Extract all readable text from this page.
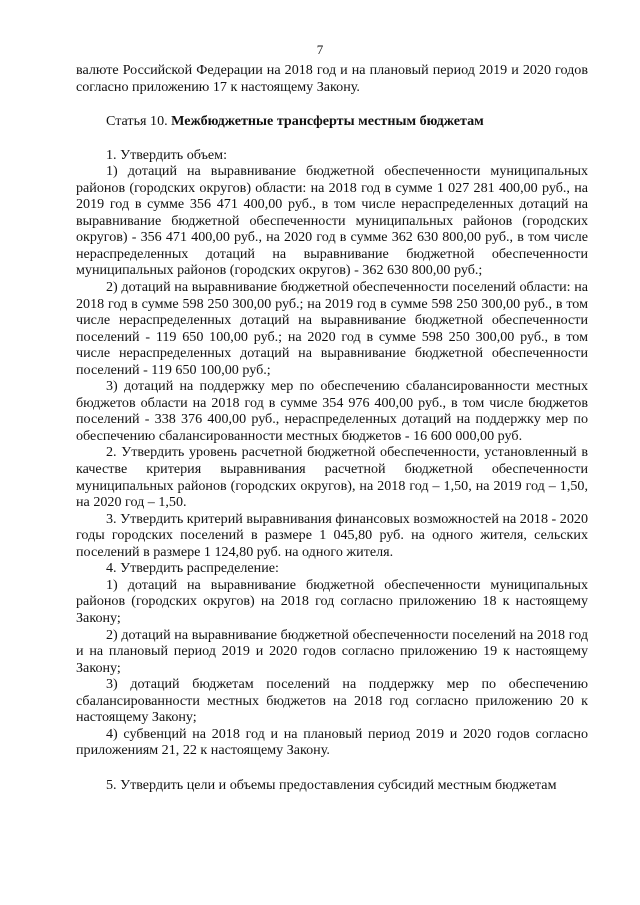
7

валюте Российской Федерации на 2018 год и на плановый период 2019 и 2020 годов согласно приложению 17 к настоящему Закону.

Статья 10. Межбюджетные трансферты местным бюджетам

1. Утвердить объем:

1) дотаций на выравнивание бюджетной обеспеченности муниципальных районов (городских округов) области: на 2018 год в сумме 1 027 281 400,00 руб., на 2019 год в сумме 356 471 400,00 руб., в том числе нераспределенных дотаций на выравнивание бюджетной обеспеченности муниципальных районов (городских округов) - 356 471 400,00 руб., на 2020 год в сумме 362 630 800,00 руб., в том числе нераспределенных дотаций на выравнивание бюджетной обеспеченности муниципальных районов (городских округов) - 362 630 800,00 руб.;

2) дотаций на выравнивание бюджетной обеспеченности поселений области: на 2018 год в сумме 598 250 300,00 руб.; на 2019 год в сумме 598 250 300,00 руб., в том числе нераспределенных дотаций на выравнивание бюджетной обеспеченности поселений - 119 650 100,00 руб.; на 2020 год в сумме 598 250 300,00 руб., в том числе нераспределенных дотаций на выравнивание бюджетной обеспеченности поселений - 119 650 100,00 руб.;

3) дотаций на поддержку мер по обеспечению сбалансированности местных бюджетов области на 2018 год в сумме 354 976 400,00 руб., в том числе бюджетов поселений - 338 376 400,00 руб., нераспределенных дотаций на поддержку мер по обеспечению сбалансированности местных бюджетов - 16 600 000,00 руб.

2. Утвердить уровень расчетной бюджетной обеспеченности, установленный в качестве критерия выравнивания расчетной бюджетной обеспеченности муниципальных районов (городских округов), на 2018 год – 1,50, на 2019 год – 1,50, на 2020 год – 1,50.

3. Утвердить критерий выравнивания финансовых возможностей на 2018 - 2020 годы городских поселений в размере 1 045,80 руб. на одного жителя, сельских поселений в размере 1 124,80 руб. на одного жителя.

4. Утвердить распределение:

1) дотаций на выравнивание бюджетной обеспеченности муниципальных районов (городских округов) на 2018 год согласно приложению 18 к настоящему Закону;

2) дотаций на выравнивание бюджетной обеспеченности поселений на 2018 год и на плановый период 2019 и 2020 годов согласно приложению 19 к настоящему Закону;

3) дотаций бюджетам поселений на поддержку мер по обеспечению сбалансированности местных бюджетов на 2018 год согласно приложению 20 к настоящему Закону;

4) субвенций на 2018 год и на плановый период 2019 и 2020 годов согласно приложениям 21, 22 к настоящему Закону.

5. Утвердить цели и объемы предоставления субсидий местным бюджетам
